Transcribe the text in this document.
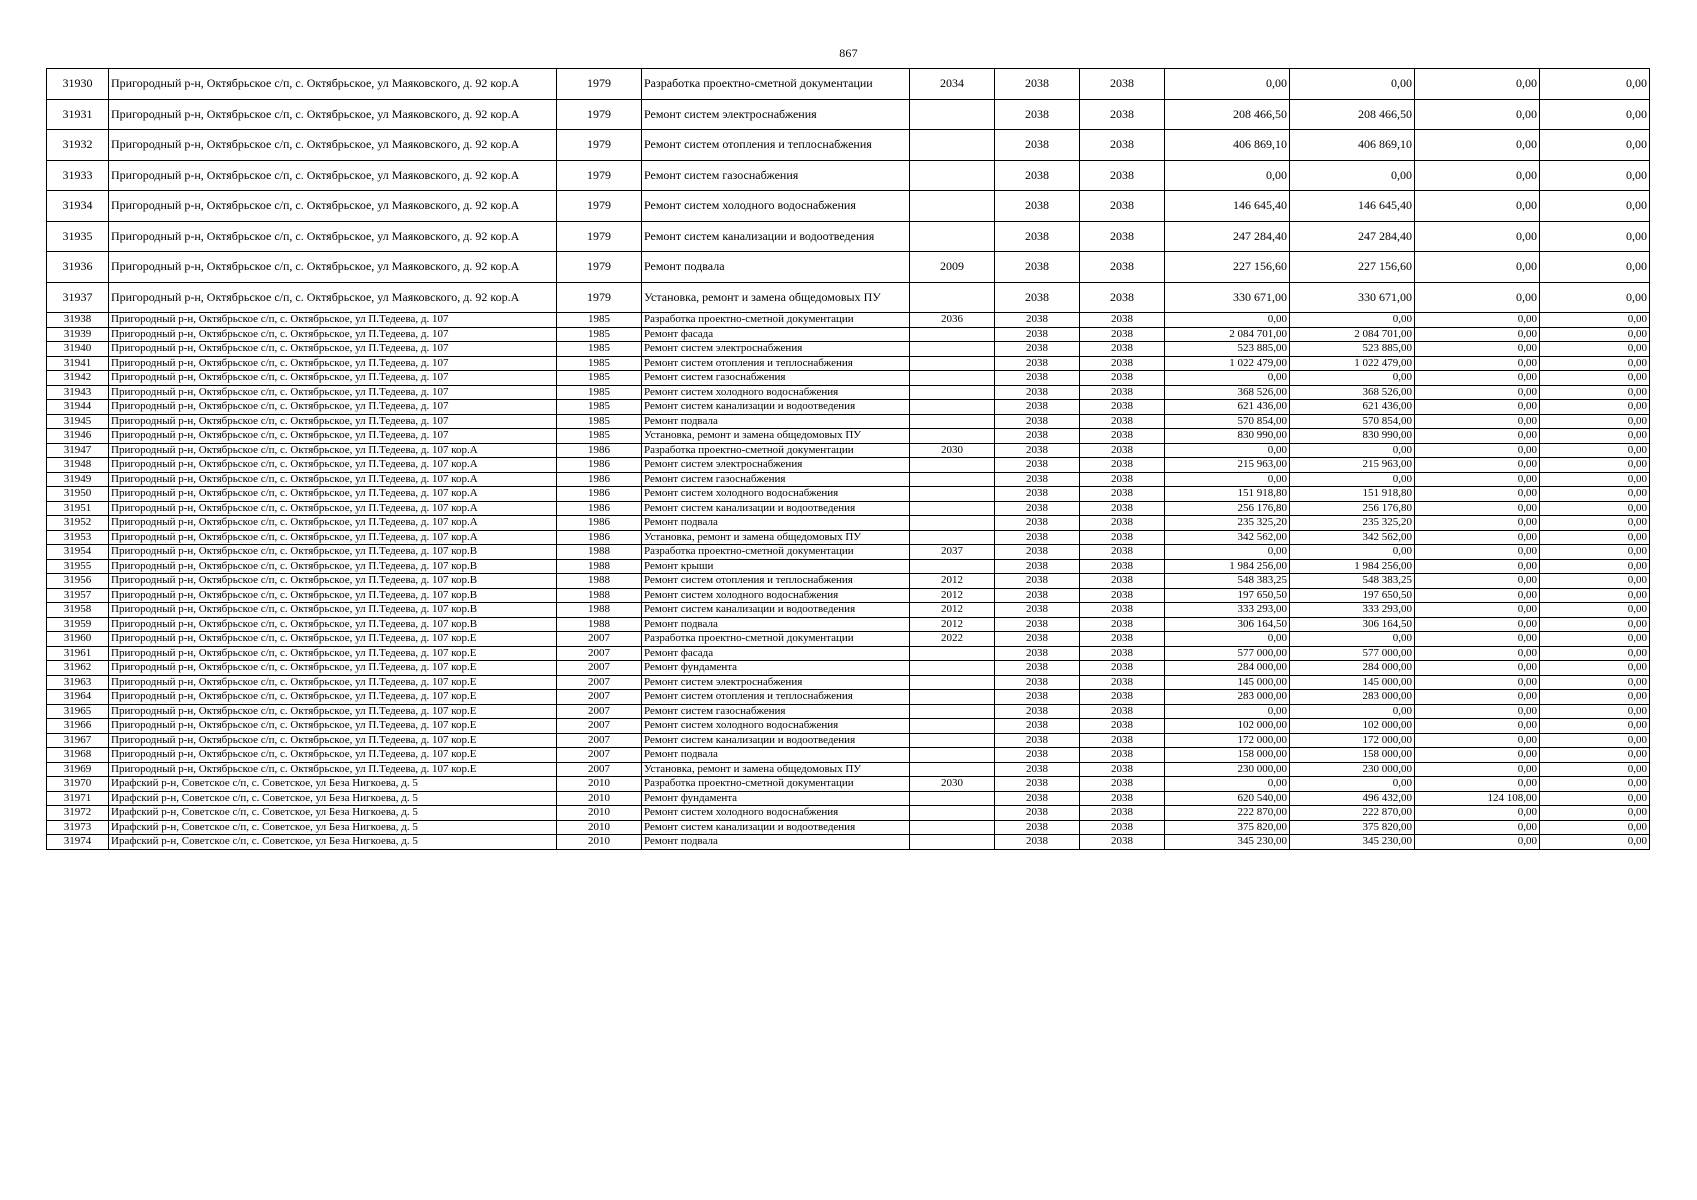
867
31930	Пригородный р-н, Октябрьское с/п, с. Октябрьское, ул Маяковского, д. 92 кор.А	1979	Разработка проектно-сметной документации	2034	2038	2038	0,00	0,00	0,00	0,00
31931	Пригородный р-н, Октябрьское с/п, с. Октябрьское, ул Маяковского, д. 92 кор.А	1979	Ремонт систем электроснабжения		2038	2038	208 466,50	208 466,50	0,00	0,00
31932	Пригородный р-н, Октябрьское с/п, с. Октябрьское, ул Маяковского, д. 92 кор.А	1979	Ремонт систем отопления и теплоснабжения		2038	2038	406 869,10	406 869,10	0,00	0,00
31933	Пригородный р-н, Октябрьское с/п, с. Октябрьское, ул Маяковского, д. 92 кор.А	1979	Ремонт систем газоснабжения		2038	2038	0,00	0,00	0,00	0,00
31934	Пригородный р-н, Октябрьское с/п, с. Октябрьское, ул Маяковского, д. 92 кор.А	1979	Ремонт систем холодного водоснабжения		2038	2038	146 645,40	146 645,40	0,00	0,00
31935	Пригородный р-н, Октябрьское с/п, с. Октябрьское, ул Маяковского, д. 92 кор.А	1979	Ремонт систем канализации и водоотведения		2038	2038	247 284,40	247 284,40	0,00	0,00
31936	Пригородный р-н, Октябрьское с/п, с. Октябрьское, ул Маяковского, д. 92 кор.А	1979	Ремонт подвала	2009	2038	2038	227 156,60	227 156,60	0,00	0,00
31937	Пригородный р-н, Октябрьское с/п, с. Октябрьское, ул Маяковского, д. 92 кор.А	1979	Установка, ремонт и замена общедомовых ПУ		2038	2038	330 671,00	330 671,00	0,00	0,00
31938	Пригородный р-н, Октябрьское с/п, с. Октябрьское, ул П.Тедеева, д. 107	1985	Разработка проектно-сметной документации	2036	2038	2038	0,00	0,00	0,00	0,00
31939	Пригородный р-н, Октябрьское с/п, с. Октябрьское, ул П.Тедеева, д. 107	1985	Ремонт фасада		2038	2038	2 084 701,00	2 084 701,00	0,00	0,00
31940	Пригородный р-н, Октябрьское с/п, с. Октябрьское, ул П.Тедеева, д. 107	1985	Ремонт систем электроснабжения		2038	2038	523 885,00	523 885,00	0,00	0,00
31941	Пригородный р-н, Октябрьское с/п, с. Октябрьское, ул П.Тедеева, д. 107	1985	Ремонт систем отопления и теплоснабжения		2038	2038	1 022 479,00	1 022 479,00	0,00	0,00
31942	Пригородный р-н, Октябрьское с/п, с. Октябрьское, ул П.Тедеева, д. 107	1985	Ремонт систем газоснабжения		2038	2038	0,00	0,00	0,00	0,00
31943	Пригородный р-н, Октябрьское с/п, с. Октябрьское, ул П.Тедеева, д. 107	1985	Ремонт систем холодного водоснабжения		2038	2038	368 526,00	368 526,00	0,00	0,00
31944	Пригородный р-н, Октябрьское с/п, с. Октябрьское, ул П.Тедеева, д. 107	1985	Ремонт систем канализации и водоотведения		2038	2038	621 436,00	621 436,00	0,00	0,00
31945	Пригородный р-н, Октябрьское с/п, с. Октябрьское, ул П.Тедеева, д. 107	1985	Ремонт подвала		2038	2038	570 854,00	570 854,00	0,00	0,00
31946	Пригородный р-н, Октябрьское с/п, с. Октябрьское, ул П.Тедеева, д. 107	1985	Установка, ремонт и замена общедомовых ПУ		2038	2038	830 990,00	830 990,00	0,00	0,00
31947	Пригородный р-н, Октябрьское с/п, с. Октябрьское, ул П.Тедеева, д. 107 кор.А	1986	Разработка проектно-сметной документации	2030	2038	2038	0,00	0,00	0,00	0,00
31948	Пригородный р-н, Октябрьское с/п, с. Октябрьское, ул П.Тедеева, д. 107 кор.А	1986	Ремонт систем электроснабжения		2038	2038	215 963,00	215 963,00	0,00	0,00
31949	Пригородный р-н, Октябрьское с/п, с. Октябрьское, ул П.Тедеева, д. 107 кор.А	1986	Ремонт систем газоснабжения		2038	2038	0,00	0,00	0,00	0,00
31950	Пригородный р-н, Октябрьское с/п, с. Октябрьское, ул П.Тедеева, д. 107 кор.А	1986	Ремонт систем холодного водоснабжения		2038	2038	151 918,80	151 918,80	0,00	0,00
31951	Пригородный р-н, Октябрьское с/п, с. Октябрьское, ул П.Тедеева, д. 107 кор.А	1986	Ремонт систем канализации и водоотведения		2038	2038	256 176,80	256 176,80	0,00	0,00
31952	Пригородный р-н, Октябрьское с/п, с. Октябрьское, ул П.Тедеева, д. 107 кор.А	1986	Ремонт подвала		2038	2038	235 325,20	235 325,20	0,00	0,00
31953	Пригородный р-н, Октябрьское с/п, с. Октябрьское, ул П.Тедеева, д. 107 кор.А	1986	Установка, ремонт и замена общедомовых ПУ		2038	2038	342 562,00	342 562,00	0,00	0,00
31954	Пригородный р-н, Октябрьское с/п, с. Октябрьское, ул П.Тедеева, д. 107 кор.В	1988	Разработка проектно-сметной документации	2037	2038	2038	0,00	0,00	0,00	0,00
31955	Пригородный р-н, Октябрьское с/п, с. Октябрьское, ул П.Тедеева, д. 107 кор.В	1988	Ремонт крыши		2038	2038	1 984 256,00	1 984 256,00	0,00	0,00
31956	Пригородный р-н, Октябрьское с/п, с. Октябрьское, ул П.Тедеева, д. 107 кор.В	1988	Ремонт систем отопления и теплоснабжения	2012	2038	2038	548 383,25	548 383,25	0,00	0,00
31957	Пригородный р-н, Октябрьское с/п, с. Октябрьское, ул П.Тедеева, д. 107 кор.В	1988	Ремонт систем холодного водоснабжения	2012	2038	2038	197 650,50	197 650,50	0,00	0,00
31958	Пригородный р-н, Октябрьское с/п, с. Октябрьское, ул П.Тедеева, д. 107 кор.В	1988	Ремонт систем канализации и водоотведения	2012	2038	2038	333 293,00	333 293,00	0,00	0,00
31959	Пригородный р-н, Октябрьское с/п, с. Октябрьское, ул П.Тедеева, д. 107 кор.В	1988	Ремонт подвала	2012	2038	2038	306 164,50	306 164,50	0,00	0,00
31960	Пригородный р-н, Октябрьское с/п, с. Октябрьское, ул П.Тедеева, д. 107 кор.Е	2007	Разработка проектно-сметной документации	2022	2038	2038	0,00	0,00	0,00	0,00
31961	Пригородный р-н, Октябрьское с/п, с. Октябрьское, ул П.Тедеева, д. 107 кор.Е	2007	Ремонт фасада		2038	2038	577 000,00	577 000,00	0,00	0,00
31962	Пригородный р-н, Октябрьское с/п, с. Октябрьское, ул П.Тедеева, д. 107 кор.Е	2007	Ремонт фундамента		2038	2038	284 000,00	284 000,00	0,00	0,00
31963	Пригородный р-н, Октябрьское с/п, с. Октябрьское, ул П.Тедеева, д. 107 кор.Е	2007	Ремонт систем электроснабжения		2038	2038	145 000,00	145 000,00	0,00	0,00
31964	Пригородный р-н, Октябрьское с/п, с. Октябрьское, ул П.Тедеева, д. 107 кор.Е	2007	Ремонт систем отопления и теплоснабжения		2038	2038	283 000,00	283 000,00	0,00	0,00
31965	Пригородный р-н, Октябрьское с/п, с. Октябрьское, ул П.Тедеева, д. 107 кор.Е	2007	Ремонт систем газоснабжения		2038	2038	0,00	0,00	0,00	0,00
31966	Пригородный р-н, Октябрьское с/п, с. Октябрьское, ул П.Тедеева, д. 107 кор.Е	2007	Ремонт систем холодного водоснабжения		2038	2038	102 000,00	102 000,00	0,00	0,00
31967	Пригородный р-н, Октябрьское с/п, с. Октябрьское, ул П.Тедеева, д. 107 кор.Е	2007	Ремонт систем канализации и водоотведения		2038	2038	172 000,00	172 000,00	0,00	0,00
31968	Пригородный р-н, Октябрьское с/п, с. Октябрьское, ул П.Тедеева, д. 107 кор.Е	2007	Ремонт подвала		2038	2038	158 000,00	158 000,00	0,00	0,00
31969	Пригородный р-н, Октябрьское с/п, с. Октябрьское, ул П.Тедеева, д. 107 кор.Е	2007	Установка, ремонт и замена общедомовых ПУ		2038	2038	230 000,00	230 000,00	0,00	0,00
31970	Ирафский р-н, Советское с/п, с. Советское, ул Беза Нигкоева, д. 5	2010	Разработка проектно-сметной документации	2030	2038	2038	0,00	0,00	0,00	0,00
31971	Ирафский р-н, Советское с/п, с. Советское, ул Беза Нигкоева, д. 5	2010	Ремонт фундамента		2038	2038	620 540,00	496 432,00	124 108,00	0,00
31972	Ирафский р-н, Советское с/п, с. Советское, ул Беза Нигкоева, д. 5	2010	Ремонт систем холодного водоснабжения		2038	2038	222 870,00	222 870,00	0,00	0,00
31973	Ирафский р-н, Советское с/п, с. Советское, ул Беза Нигкоева, д. 5	2010	Ремонт систем канализации и водоотведения		2038	2038	375 820,00	375 820,00	0,00	0,00
31974	Ирафский р-н, Советское с/п, с. Советское, ул Беза Нигкоева, д. 5	2010	Ремонт подвала		2038	2038	345 230,00	345 230,00	0,00	0,00
